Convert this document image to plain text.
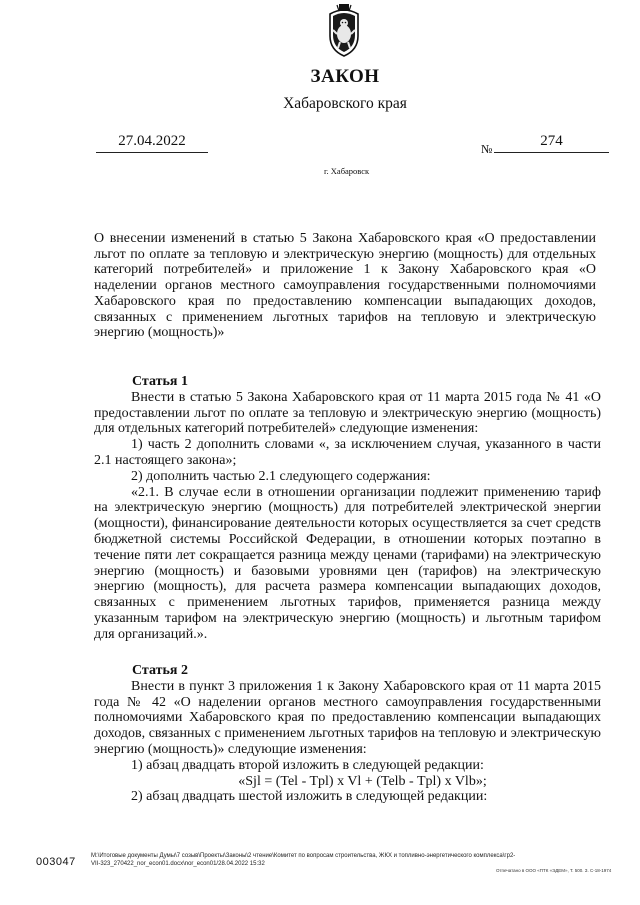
ЗАКОН
Хабаровского края
27.04.2022	№	274
г. Хабаровск
О внесении изменений в статью 5 Закона Хабаровского края «О предоставлении льгот по оплате за тепловую и электрическую энергию (мощность) для отдельных категорий потребителей» и приложение 1 к Закону Хабаровского края «О наделении органов местного самоуправления государственными полномочиями Хабаровского края по предоставлению компенсации выпадающих доходов, связанных с применением льготных тарифов на тепловую и электрическую энергию (мощность)»

Статья 1

Внести в статью 5 Закона Хабаровского края от 11 марта 2015 года № 41 «О предоставлении льгот по оплате за тепловую и электрическую энергию (мощность) для отдельных категорий потребителей» следующие изменения:

1) часть 2 дополнить словами «, за исключением случая, указанного в части 2.1 настоящего закона»;

2) дополнить частью 2.1 следующего содержания:

«2.1. В случае если в отношении организации подлежит применению тариф на электрическую энергию (мощность) для потребителей электрической энергии (мощности), финансирование деятельности которых осуществляется за счет средств бюджетной системы Российской Федерации, в отношении которых поэтапно в течение пяти лет сокращается разница между ценами (тарифами) на электрическую энергию (мощность) и базовыми уровнями цен (тарифов) на электрическую энергию (мощность), для расчета размера компенсации выпадающих доходов, связанных с применением льготных тарифов, применяется разница между указанным тарифом на электрическую энергию (мощность) и льготным тарифом для организаций.».

Статья 2

Внести в пункт 3 приложения 1 к Закону Хабаровского края от 11 марта 2015 года № 42 «О наделении органов местного самоуправления государственными полномочиями Хабаровского края по предоставлению компенсации выпадающих доходов, связанных с применением льготных тарифов на тепловую и электрическую энергию (мощность)» следующие изменения:

1) абзац двадцать второй изложить в следующей редакции:

«Sjl = (Tel - Tpl) x Vl + (Telb - Tpl) x Vlb»;

2) абзац двадцать шестой изложить в следующей редакции:

003047	M:\Итоговые документы Думы\7 созыв\Проекты\Законы\2 чтение\Комитет по вопросам строительства, ЖКХ и топливно-энергетического комплекса\гр2-
VII-323_270422_nor_econ01.docx\nor_econ01/28.04.2022 15:32
Отпечатано в ООО «ПТК «ЭДЕМ», Т. 500. З. С-18-1974
